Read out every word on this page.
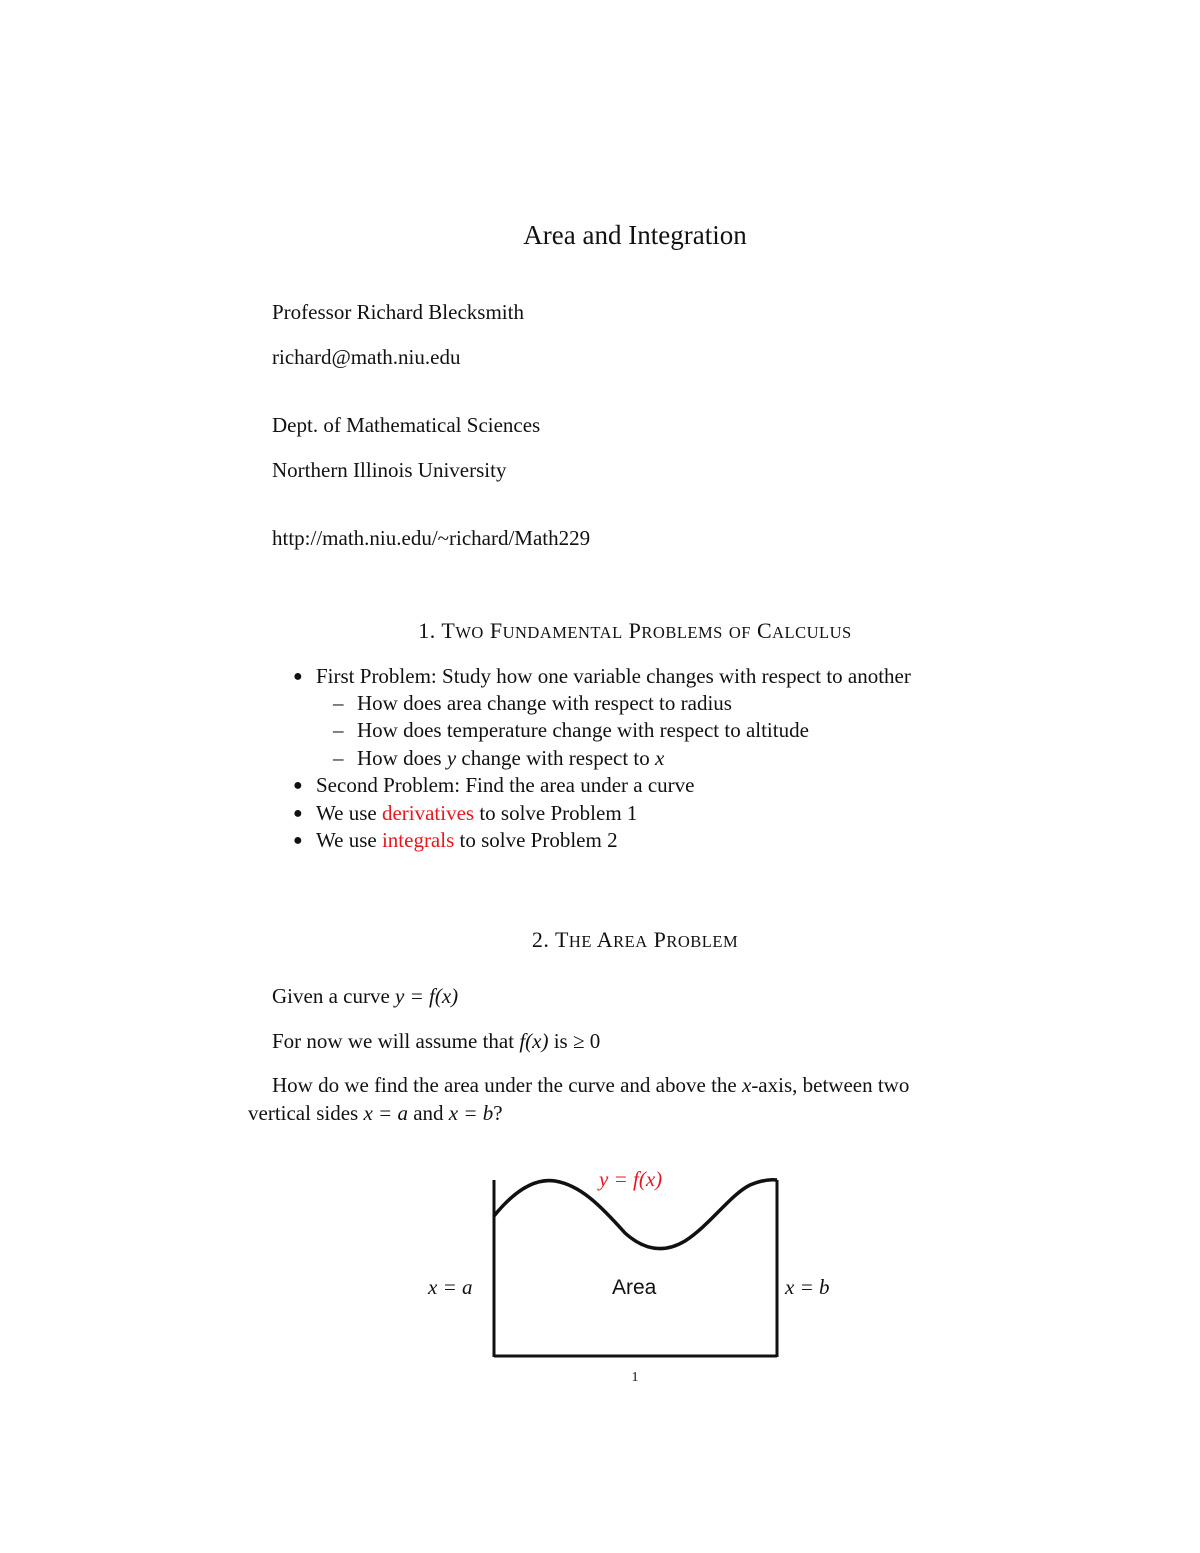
Area and Integration
Professor Richard Blecksmith
richard@math.niu.edu
Dept. of Mathematical Sciences
Northern Illinois University
http://math.niu.edu/~richard/Math229
1. TWO FUNDAMENTAL PROBLEMS OF CALCULUS
● First Problem: Study how one variable changes with respect to another
– How does area change with respect to radius
– How does temperature change with respect to altitude
– How does y change with respect to x
● Second Problem: Find the area under a curve
● We use derivatives to solve Problem 1
● We use integrals to solve Problem 2
2. THE AREA PROBLEM
Given a curve y = f(x)
For now we will assume that f(x) is ≥ 0
How do we find the area under the curve and above the x-axis, between two
vertical sides x = a and x = b?
y = f(x)
x = a	x = b
Area
1
